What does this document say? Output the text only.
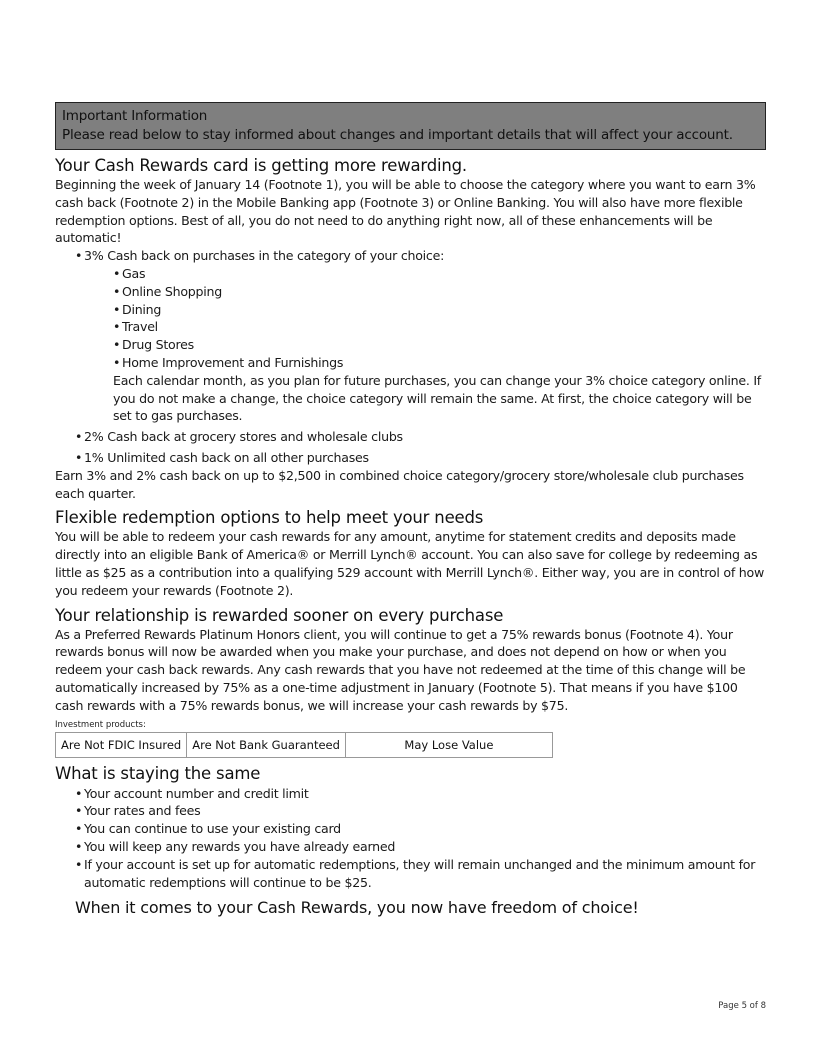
Important Information
Please read below to stay informed about changes and important details that will affect your account.
Your Cash Rewards card is getting more rewarding.

Beginning the week of January 14 (Footnote 1), you will be able to choose the category where you want to earn 3% cash back (Footnote 2) in the Mobile Banking app (Footnote 3) or Online Banking. You will also have more flexible redemption options. Best of all, you do not need to do anything right now, all of these enhancements will be automatic!

• 3% Cash back on purchases in the category of your choice:
• Gas
• Online Shopping
• Dining
• Travel
• Drug Stores
• Home Improvement and Furnishings
Each calendar month, as you plan for future purchases, you can change your 3% choice category online. If you do not make a change, the choice category will remain the same. At first, the choice category will be set to gas purchases.
• 2% Cash back at grocery stores and wholesale clubs
• 1% Unlimited cash back on all other purchases

Earn 3% and 2% cash back on up to $2,500 in combined choice category/grocery store/wholesale club purchases each quarter.

Flexible redemption options to help meet your needs

You will be able to redeem your cash rewards for any amount, anytime for statement credits and deposits made directly into an eligible Bank of America® or Merrill Lynch® account. You can also save for college by redeeming as little as $25 as a contribution into a qualifying 529 account with Merrill Lynch®. Either way, you are in control of how you redeem your rewards (Footnote 2).

Your relationship is rewarded sooner on every purchase

As a Preferred Rewards Platinum Honors client, you will continue to get a 75% rewards bonus (Footnote 4). Your rewards bonus will now be awarded when you make your purchase, and does not depend on how or when you redeem your cash back rewards. Any cash rewards that you have not redeemed at the time of this change will be automatically increased by 75% as a one-time adjustment in January (Footnote 5). That means if you have $100 cash rewards with a 75% rewards bonus, we will increase your cash rewards by $75.

Investment products:
Are Not FDIC Insured	Are Not Bank Guaranteed	May Lose Value
What is staying the same
• Your account number and credit limit
• Your rates and fees
• You can continue to use your existing card
• You will keep any rewards you have already earned
• If your account is set up for automatic redemptions, they will remain unchanged and the minimum amount for automatic redemptions will continue to be $25.
When it comes to your Cash Rewards, you now have freedom of choice!
Page 5 of 8
